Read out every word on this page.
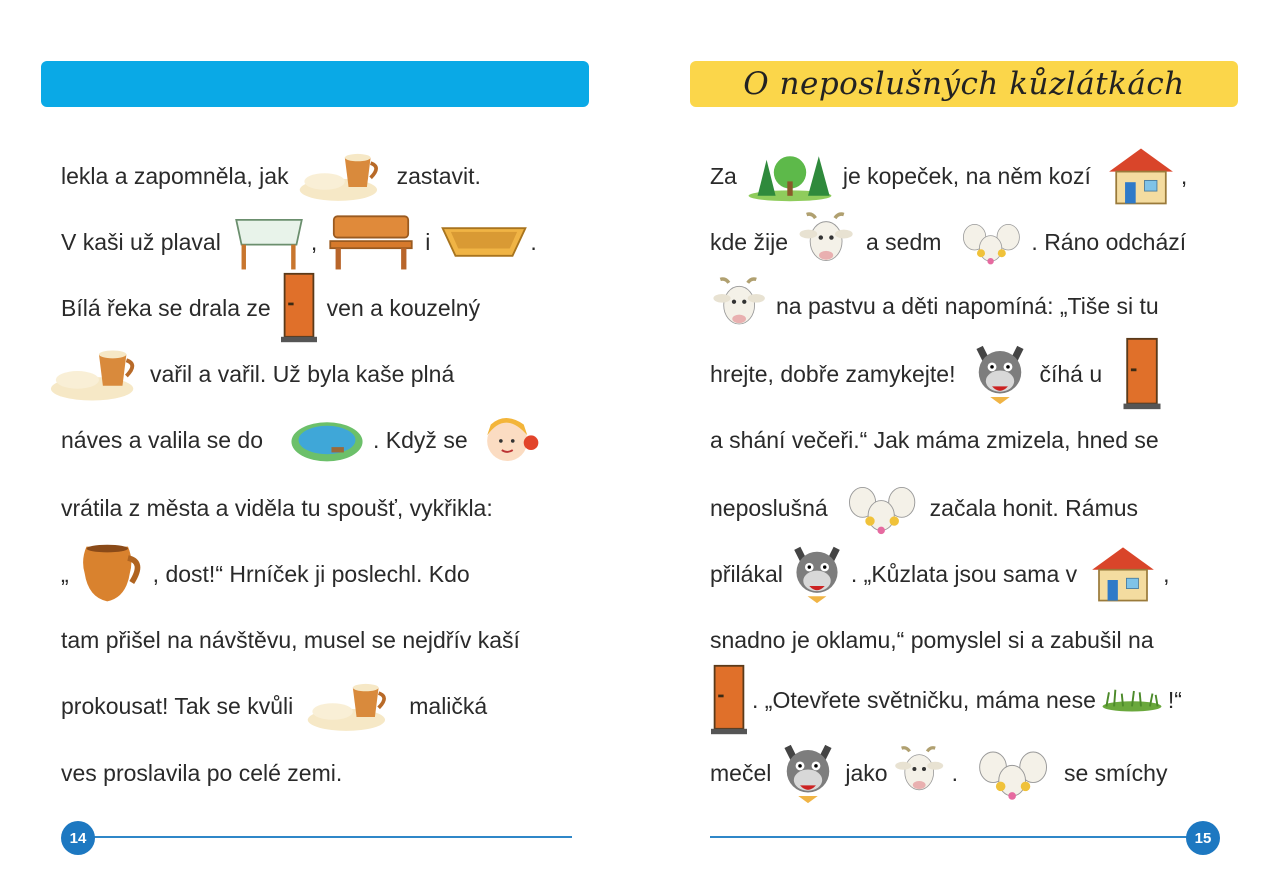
lekla a zapomněla, jak	zastavit.
V kaši už plaval	,	i	.
Bílá řeka se drala ze ven a kouzelný
vařil a vařil. Už byla kaše plná
náves a valila se do	. Když se
vrátila z města a viděla tu spoušť, vykřikla:
„	, dost!“ Hrníček ji poslechl. Kdo
tam přišel na návštěvu, musel se nejdřív kaší
prokousat! Tak se kvůli	maličká
ves proslavila po celé zemi.
14
O neposlušných kůzlátkách
Za	je kopeček, na něm kozí	,
kde žije	a sedm	. Ráno odchází
na pastvu a děti napomíná: „Tiše si tu
hrejte, dobře zamykejte!	číhá u
a shání večeři.“ Jak máma zmizela, hned se
neposlušná	začala honit. Rámus
přilákal	. „Kůzlata jsou sama v	,
snadno je oklamu,“ pomyslel si a zabušil na
. „Otevřete světničku, máma nese	!“
mečel	jako	.	se smíchy
15
